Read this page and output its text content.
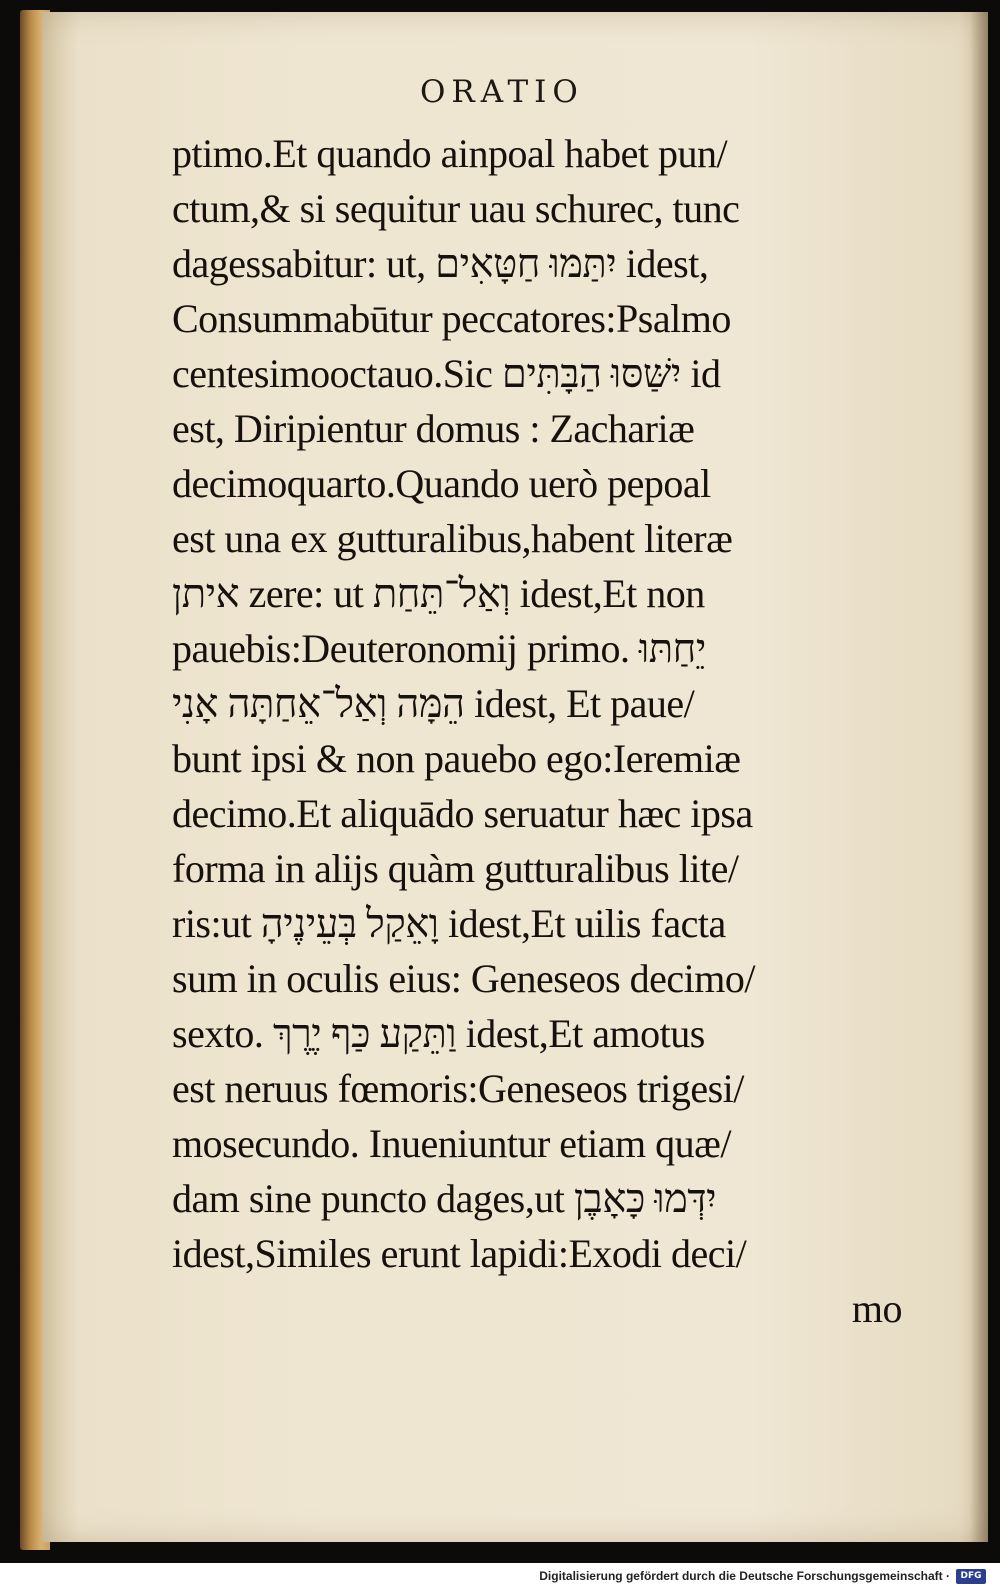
ORATIO
ptimo.Et quando ainpoal habet pun/
ctum,& si sequitur uau schurec, tunc
dagessabitur: ut, יִתַּמּוּ חַטָּאִים idest,
Consummabūtur peccatores:Psalmo
centesimooctauo.Sic יִשַּׁסּוּ הַבָּתִּים id
est, Diripientur domus : Zachariæ
decimoquarto.Quando uerò pepoal
est una ex gutturalibus,habent literæ
איתן zere: ut וְאַל־תֵּחַת idest,Et non
pauebis:Deuteronomij primo. יֵחַתּוּ
הֵמָּה וְאַל־אֵחַתָּה אָנִי idest, Et paue/
bunt ipsi & non pauebo ego:Ieremiæ
decimo.Et aliquādo seruatur hæc ipsa
forma in alijs quàm gutturalibus lite/
ris:ut וָאֵקַל בְּעֵינֶיהָ idest,Et uilis facta
sum in oculis eius: Geneseos decimo/
sexto. וַתֵּקַע כַּף יֶרֶךְ idest,Et amotus
est neruus fœmoris:Geneseos trigesi/
mosecundo. Inueniuntur etiam quæ/
dam sine puncto dages,ut יִדְּמוּ כָּאָבֶן
idest,Similes erunt lapidi:Exodi deci/
mo
Digitalisierung gefördert durch die Deutsche Forschungsgemeinschaft ·	DFG
